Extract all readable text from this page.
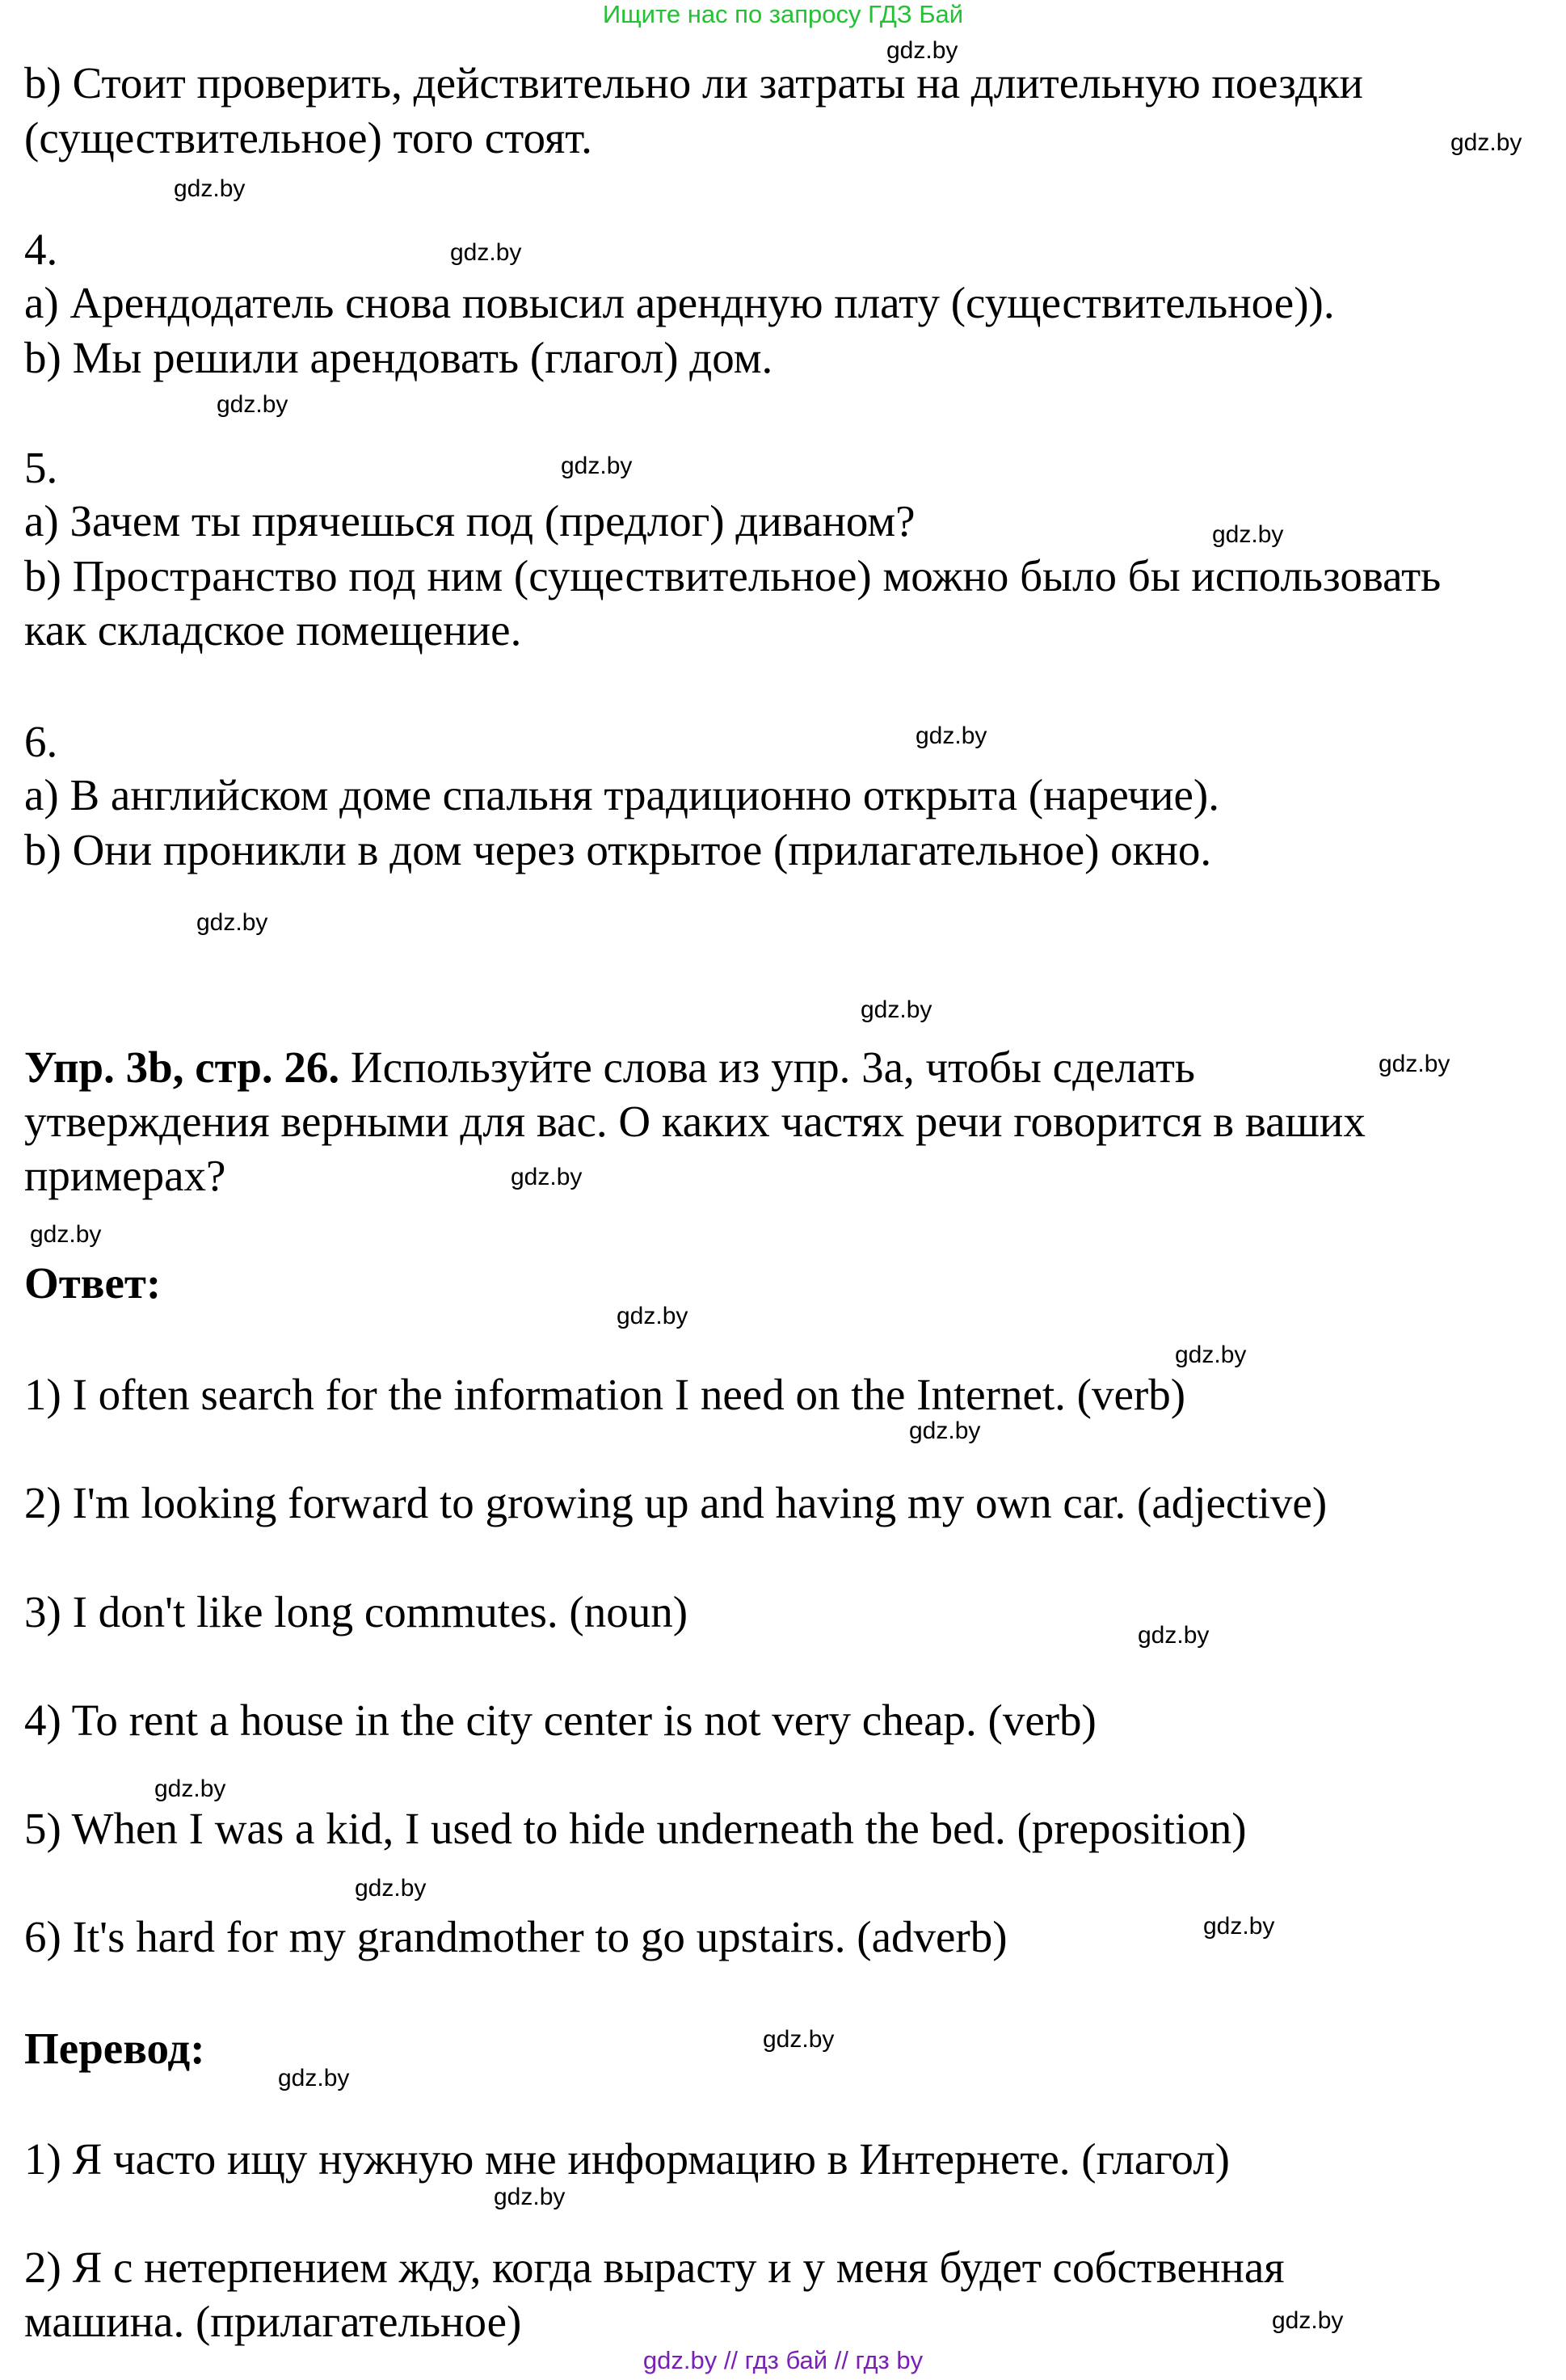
Ищите нас по запросу ГДЗ Бай

b) Стоит проверить, действительно ли затраты на длительную поездки

(существительное) того стоят.

4.

а) Арендодатель снова повысил арендную плату (существительное)).

b) Мы решили арендовать (глагол) дом.

5.

а) Зачем ты прячешься под (предлог) диваном?

b) Пространство под ним (существительное) можно было бы использовать

как складское помещение.

6.

а) В английском доме спальня традиционно открыта (наречие).

b) Они проникли в дом через открытое (прилагательное) окно.

Упр. 3b, стр. 26. Используйте слова из упр. 3а, чтобы сделать

утверждения верными для вас. О каких частях речи говорится в ваших

примерах?

Ответ:

1) I often search for the information I need on the Internet. (verb)

2) I'm looking forward to growing up and having my own car. (adjective)

3) I don't like long commutes. (noun)

4) To rent a house in the city center is not very cheap. (verb)

5) When I was a kid, I used to hide underneath the bed. (preposition)

6) It's hard for my grandmother to go upstairs. (adverb)

Перевод:

1) Я часто ищу нужную мне информацию в Интернете. (глагол)

2) Я с нетерпением жду, когда вырасту и у меня будет собственная

машина. (прилагательное)

gdz.by
gdz.by
gdz.by
gdz.by
gdz.by
gdz.by
gdz.by
gdz.by
gdz.by
gdz.by
gdz.by
gdz.by
gdz.by
gdz.by
gdz.by
gdz.by
gdz.by
gdz.by
gdz.by
gdz.by
gdz.by
gdz.by
gdz.by
gdz.by
gdz.by // гдз бай // гдз by
